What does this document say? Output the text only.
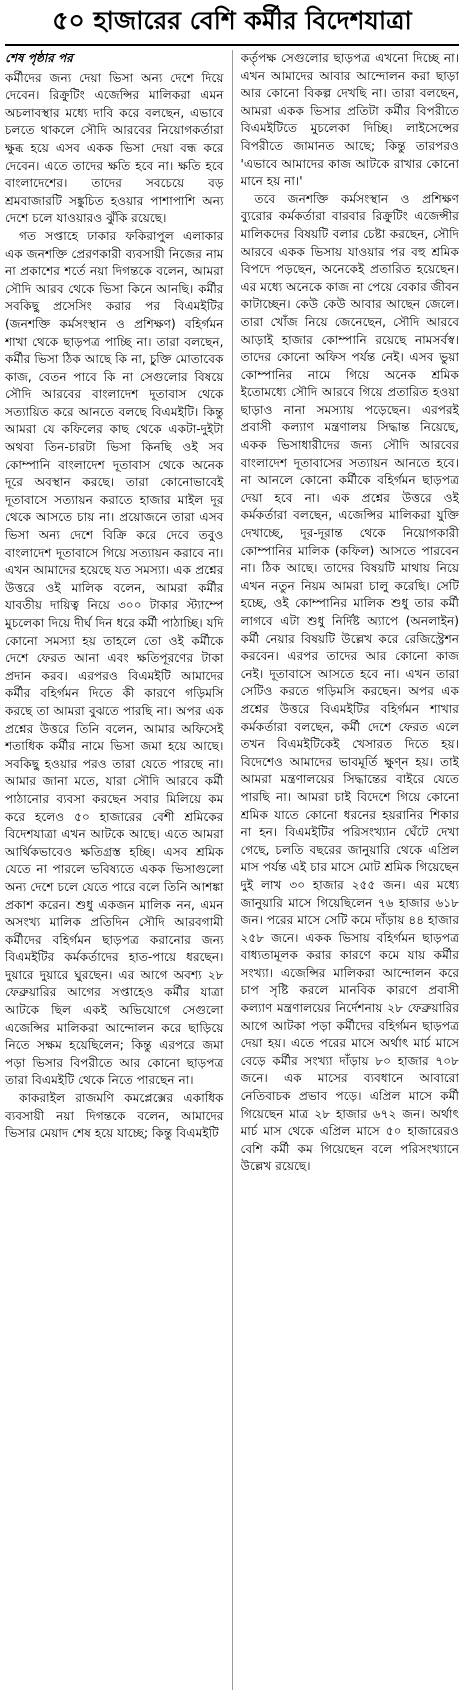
৫০ হাজারের বেশি কর্মীর বিদেশযাত্রা
শেষ পৃষ্ঠার পর

কর্মীদের জন্য দেয়া ভিসা অন্য দেশে দিয়ে দেবেন। রিক্রুটিং এজেন্সির মালিকরা এমন অচলাবস্থার মধ্যে দাবি করে বলছেন, এভাবে চলতে থাকলে সৌদি আরবের নিয়োগকর্তারা ক্ষুব্ধ হয়ে এসব একক ভিসা দেয়া বন্ধ করে দেবেন। এতে তাদের ক্ষতি হবে না। ক্ষতি হবে বাংলাদেশের। তাদের সবচেয়ে বড় শ্রমবাজারটি সঙ্কুচিত হওয়ার পাশাপাশি অন্য দেশে চলে যাওয়ারও ঝুঁকি রয়েছে।

গত সপ্তাহে ঢাকার ফকিরাপুল এলাকার এক জনশক্তি প্রেরণকারী ব্যবসায়ী নিজের নাম না প্রকাশের শর্তে নয়া দিগন্তকে বলেন, আমরা সৌদি আরব থেকে ভিসা কিনে আনছি। কর্মীর সবকিছু প্রসেসিং করার পর বিএমইটির (জনশক্তি কর্মসংস্থান ও প্রশিক্ষণ) বহির্গমন শাখা থেকে ছাড়পত্র পাচ্ছি না। তারা বলছেন, কর্মীর ভিসা ঠিক আছে কি না, চুক্তি মোতাবেক কাজ, বেতন পাবে কি না সেগুলোর বিষয়ে সৌদি আরবের বাংলাদেশ দূতাবাস থেকে সত্যায়িত করে আনতে বলছে বিএমইটি। কিন্তু আমরা যে কফিলের কাছ থেকে একটা-দুইটা অথবা তিন-চারটা ভিসা কিনছি ওই সব কোম্পানি বাংলাদেশ দূতাবাস থেকে অনেক দূরে অবস্থান করছে। তারা কোনোভাবেই দূতাবাসে সত্যায়ন করাতে হাজার মাইল দূর থেকে আসতে চায় না। প্রয়োজনে তারা এসব ভিসা অন্য দেশে বিক্রি করে দেবে তবুও বাংলাদেশ দূতাবাসে গিয়ে সত্যায়ন করাবে না। এখন আমাদের হয়েছে যত সমস্যা। এক প্রশ্নের উত্তরে ওই মালিক বলেন, আমরা কর্মীর যাবতীয় দায়িত্ব নিয়ে ৩০০ টাকার স্ট্যাম্পে মুচলেকা দিয়ে দীর্ঘ দিন ধরে কর্মী পাঠাচ্ছি। যদি কোনো সমস্যা হয় তাহলে তো ওই কর্মীকে দেশে ফেরত আনা এবং ক্ষতিপূরণের টাকা প্রদান করব। এরপরও বিএমইটি আমাদের কর্মীর বহির্গমন দিতে কী কারণে গড়িমসি করছে তা আমরা বুঝতে পারছি না। অপর এক প্রশ্নের উত্তরে তিনি বলেন, আমার অফিসেই শতাধিক কর্মীর নামে ভিসা জমা হয়ে আছে। সবকিছু হওয়ার পরও তারা যেতে পারছে না। আমার জানা মতে, যারা সৌদি আরবে কর্মী পাঠানোর ব্যবসা করছেন সবার মিলিয়ে কম করে হলেও ৫০ হাজারের বেশী শ্রমিকের বিদেশযাত্রা এখন আটকে আছে। এতে আমরা আর্থিকভাবেও ক্ষতিগ্রস্ত হচ্ছি। এসব শ্রমিক যেতে না পারলে ভবিষ্যতে একক ভিসাগুলো অন্য দেশে চলে যেতে পারে বলে তিনি আশঙ্কা প্রকাশ করেন। শুধু একজন মালিক নন, এমন অসংখ্য মালিক প্রতিদিন সৌদি আরবগামী কর্মীদের বহির্গমন ছাড়পত্র করানোর জন্য বিএমইটির কর্মকর্তাদের হাত-পায়ে ধরছেন। দুয়ারে দুয়ারে ঘুরছেন। এর আগে অবশ্য ২৮ ফেব্রুয়ারির আগের সপ্তাহেও কর্মীর যাত্রা আটকে ছিল একই অভিযোগে সেগুলো এজেন্সির মালিকরা আন্দোলন করে ছাড়িয়ে নিতে সক্ষম হয়েছিলেন; কিন্তু এরপরে জমা পড়া ভিসার বিপরীতে আর কোনো ছাড়পত্র তারা বিএমইটি থেকে নিতে পারছেন না।

কাকরাইল রাজমণি কমপ্লেক্সের একাধিক ব্যবসায়ী নয়া দিগন্তকে বলেন, আমাদের ভিসার মেয়াদ শেষ হয়ে যাচ্ছে; কিন্তু বিএমইটি

কর্তৃপক্ষ সেগুলোর ছাড়পত্র এখনো দিচ্ছে না। এখন আমাদের আবার আন্দোলন করা ছাড়া আর কোনো বিকল্প দেখছি না। তারা বলছেন, আমরা একক ভিসার প্রতিটা কর্মীর বিপরীতে বিএমইটিতে মুচলেকা দিচ্ছি। লাইসেন্সের বিপরীতে জামানত আছে; কিন্তু তারপরও 'এভাবে আমাদের কাজ আটকে রাখার কোনো মানে হয় না।'

তবে জনশক্তি কর্মসংস্থান ও প্রশিক্ষণ ব্যুরোর কর্মকর্তারা বারবার রিক্রুটিং এজেন্সীর মালিকদের বিষয়টি বলার চেষ্টা করছেন, সৌদি আরবে একক ভিসায় যাওয়ার পর বহু শ্রমিক বিপদে পড়ছেন, অনেকেই প্রতারিত হয়েছেন। এর মধ্যে অনেকে কাজ না পেয়ে বেকার জীবন কাটাচ্ছেন। কেউ কেউ আবার আছেন জেলে। তারা খোঁজ নিয়ে জেনেছেন, সৌদি আরবে আড়াই হাজার কোম্পানি রয়েছে নামসর্বস্ব। তাদের কোনো অফিস পর্যন্ত নেই। এসব ভুয়া কোম্পানির নামে গিয়ে অনেক শ্রমিক ইতোমধ্যে সৌদি আরবে গিয়ে প্রতারিত হওয়া ছাড়াও নানা সমস্যায় পড়েছেন। এরপরই প্রবাসী কল্যাণ মন্ত্রণালয় সিদ্ধান্ত নিয়েছে, একক ভিসাধারীদের জন্য সৌদি আরবের বাংলাদেশ দূতাবাসের সত্যায়ন আনতে হবে। না আনলে কোনো কর্মীকে বহির্গমন ছাড়পত্র দেয়া হবে না। এক প্রশ্নের উত্তরে ওই কর্মকর্তারা বলছেন, এজেন্সির মালিকরা যুক্তি দেখাচ্ছে, দূর-দূরান্ত থেকে নিয়োগকারী কোম্পানির মালিক (কফিল) আসতে পারবেন না। ঠিক আছে। তাদের বিষয়টি মাথায় নিয়ে এখন নতুন নিয়ম আমরা চালু করেছি। সেটি হচ্ছে, ওই কোম্পানির মালিক শুধু তার কর্মী লাগবে এটা শুধু নির্দিষ্ট অ্যাপে (অনলাইন) কর্মী নেয়ার বিষয়টি উল্লেখ করে রেজিস্ট্রেশন করবেন। এরপর তাদের আর কোনো কাজ নেই। দূতাবাসে আসতে হবে না। এখন তারা সেটিও করতে গড়িমসি করছেন। অপর এক প্রশ্নের উত্তরে বিএমইটির বহির্গমন শাখার কর্মকর্তারা বলছেন, কর্মী দেশে ফেরত এলে তখন বিএমইটিকেই খেসারত দিতে হয়। বিদেশেও আমাদের ভাবমূর্তি ক্ষুণ্ন হয়। তাই আমরা মন্ত্রণালয়ের সিদ্ধান্তের বাইরে যেতে পারছি না। আমরা চাই বিদেশে গিয়ে কোনো শ্রমিক যাতে কোনো ধরনের হয়রানির শিকার না হন। বিএমইটির পরিসংখ্যান ঘেঁটে দেখা গেছে, চলতি বছরের জানুয়ারি থেকে এপ্রিল মাস পর্যন্ত এই চার মাসে মোট শ্রমিক গিয়েছেন দুই লাখ ৩০ হাজার ২৫৫ জন। এর মধ্যে জানুয়ারি মাসে গিয়েছিলেন ৭৬ হাজার ৬১৮ জন। পরের মাসে সেটি কমে দাঁড়ায় ৪৪ হাজার ২৫৮ জনে। একক ভিসায় বহির্গমন ছাড়পত্র বাধ্যতামূলক করার কারণে কমে যায় কর্মীর সংখ্যা। এজেন্সির মালিকরা আন্দোলন করে চাপ সৃষ্টি করলে মানবিক কারণে প্রবাসী কল্যাণ মন্ত্রণালয়ের নির্দেশনায় ২৮ ফেব্রুয়ারির আগে আটকা পড়া কর্মীদের বহির্গমন ছাড়পত্র দেয়া হয়। এতে পরের মাসে অর্থাৎ মার্চ মাসে বেড়ে কর্মীর সংখ্যা দাঁড়ায় ৮০ হাজার ৭০৮ জনে। এক মাসের ব্যবধানে আবারো নেতিবাচক প্রভাব পড়ে। এপ্রিল মাসে কর্মী গিয়েছেন মাত্র ২৮ হাজার ৬৭২ জন। অর্থাৎ মার্চ মাস থেকে এপ্রিল মাসে ৫০ হাজারেরও বেশি কর্মী কম গিয়েছেন বলে পরিসংখ্যানে উল্লেখ রয়েছে।
